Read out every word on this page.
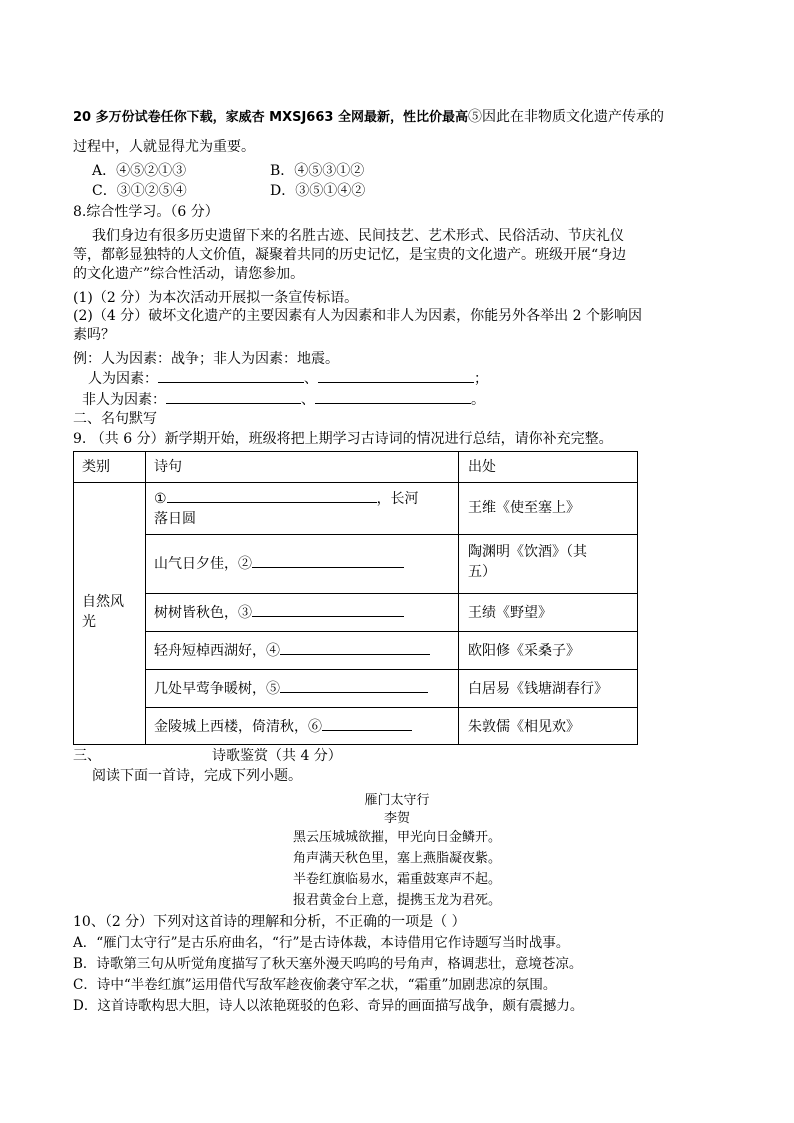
20 多万份试卷任你下载，家威杏 MXSJ663 全网最新，性比价最高⑤因此在非物质文化遗产传承的
过程中，人就显得尤为重要。
A．④⑤②①③	B．④⑤③①②
C．③①②⑤④	D．③⑤①④②
8.综合性学习。（6 分）
我们身边有很多历史遗留下来的名胜古迹、民间技艺、艺术形式、民俗活动、节庆礼仪
等，都彰显独特的人文价值，凝聚着共同的历史记忆，是宝贵的文化遗产。班级开展“身边
的文化遗产”综合性活动，请您参加。
(1)（2 分）为本次活动开展拟一条宣传标语。
(2)（4 分）破坏文化遗产的主要因素有人为因素和非人为因素，你能另外各举出 2 个影响因
素吗？
例：人为因素：战争；非人为因素：地震。
人为因素：	、	；
非人为因素：	、	。
二、名句默写
9. （共 6 分）新学期开始，班级将把上期学习古诗词的情况进行总结，请你补充完整。
类别	诗句	出处
自然风
光
①	，长河
落日圆
王维《使至塞上》
山气日夕佳，②
陶渊明《饮酒》（其
五）
树树皆秋色，③	王绩《野望》
轻舟短棹西湖好，④	欧阳修《采桑子》
几处早莺争暖树，⑤	白居易《钱塘湖春行》
金陵城上西楼，倚清秋，⑥	朱敦儒《相见欢》
三、	诗歌鉴赏（共 4 分）
阅读下面一首诗，完成下列小题。
雁门太守行
李贺
黑云压城城欲摧，甲光向日金鳞开。
角声满天秋色里，塞上燕脂凝夜紫。
半卷红旗临易水，霜重鼓寒声不起。
报君黄金台上意，提携玉龙为君死。
10、（2 分）下列对这首诗的理解和分析，不正确的一项是（ ）
A．“雁门太守行”是古乐府曲名，“行”是古诗体裁，本诗借用它作诗题写当时战事。
B．诗歌第三句从听觉角度描写了秋天塞外漫天呜呜的号角声，格调悲壮，意境苍凉。
C．诗中“半卷红旗”运用借代写敌军趁夜偷袭守军之状，“霜重”加剧悲凉的氛围。
D．这首诗歌构思大胆，诗人以浓艳斑驳的色彩、奇异的画面描写战争，颇有震撼力。
